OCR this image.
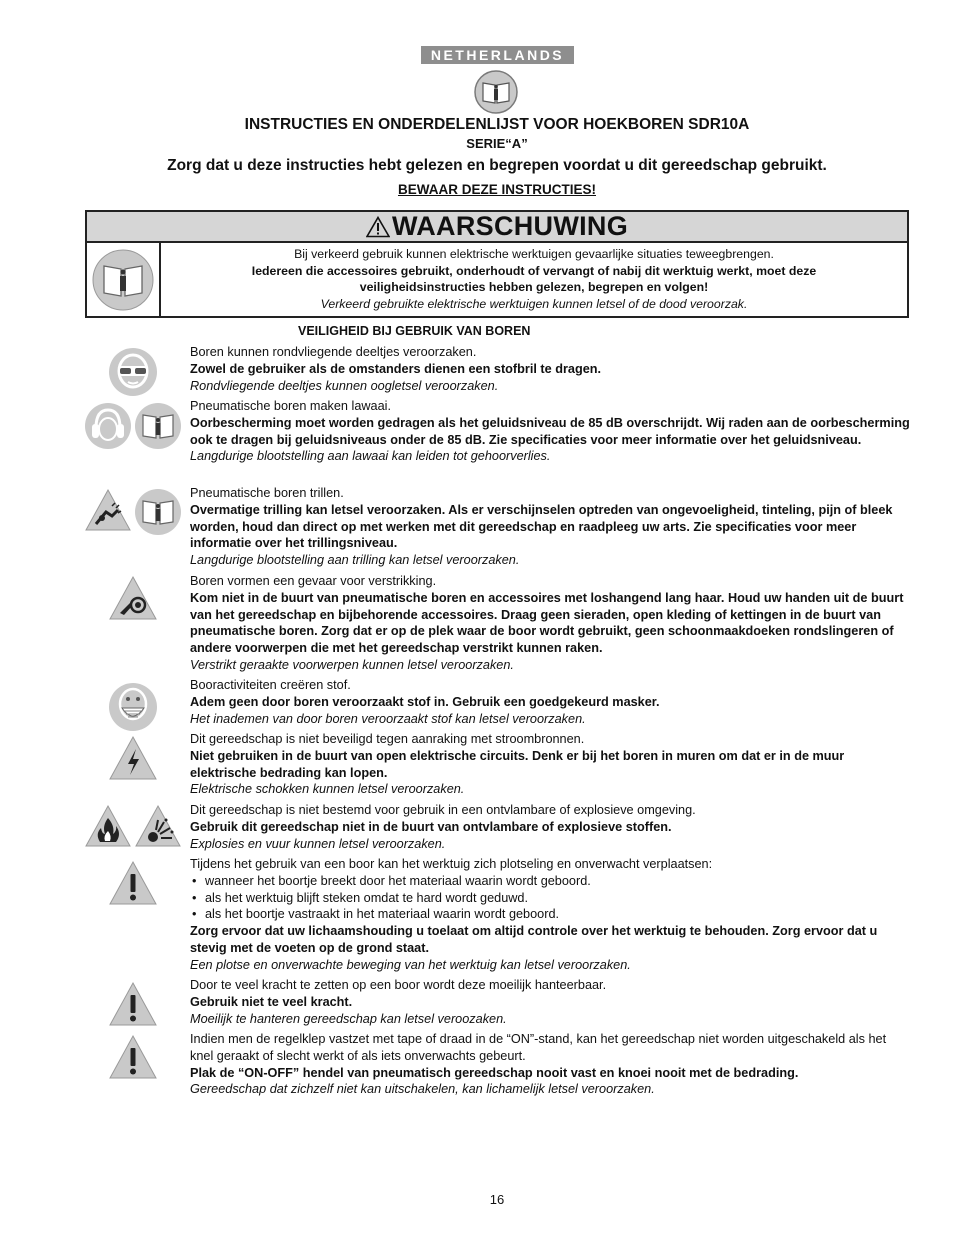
NETHERLANDS
INSTRUCTIES EN ONDERDELENLIJST VOOR HOEKBOREN SDR10A
SERIE“A”
Zorg dat u deze instructies hebt gelezen en begrepen voordat u dit gereedschap gebruikt.
BEWAAR DEZE INSTRUCTIES!
WAARSCHUWING
Bij verkeerd gebruik kunnen elektrische werktuigen gevaarlijke situaties teweegbrengen.
Iedereen die accessoires gebruikt, onderhoudt of vervangt of nabij dit werktuig werkt, moet deze veiligheidsinstructies hebben gelezen, begrepen en volgen!
Verkeerd gebruikte elektrische werktuigen kunnen letsel of de dood veroorzak.
VEILIGHEID BIJ GEBRUIK VAN BOREN

Boren kunnen rondvliegende deeltjes veroorzaken.

Zowel de gebruiker als de omstanders dienen een stofbril te dragen.

Rondvliegende deeltjes kunnen oogletsel veroorzaken.

Pneumatische boren maken lawaai.

Oorbescherming moet worden gedragen als het geluidsniveau de 85 dB overschrijdt. Wij raden aan de oorbescherming ook te dragen bij geluidsniveaus onder de 85 dB. Zie specificaties voor meer informatie over het geluidsniveau.

Langdurige blootstelling aan lawaai kan leiden tot gehoorverlies.

Pneumatische boren trillen.

Overmatige trilling kan letsel veroorzaken. Als er verschijnselen optreden van ongevoeligheid, tinteling, pijn of bleek worden, houd dan direct op met werken met dit gereedschap en raadpleeg uw arts. Zie specificaties voor meer informatie over het trillingsniveau.

Langdurige blootstelling aan trilling kan letsel veroorzaken.

Boren vormen een gevaar voor verstrikking.

Kom niet in de buurt van pneumatische boren en accessoires met loshangend lang haar. Houd uw handen uit de buurt van het gereedschap en bijbehorende accessoires. Draag geen sieraden, open kleding of kettingen in de buurt van pneumatische boren. Zorg dat er op de plek waar de boor wordt gebruikt, geen schoonmaakdoeken rondslingeren of andere voorwerpen die met het gereedschap verstrikt kunnen raken.

Verstrikt geraakte voorwerpen kunnen letsel veroorzaken.

Booractiviteiten creëren stof.

Adem geen door boren veroorzaakt stof in. Gebruik een goedgekeurd masker.

Het inademen van door boren veroorzaakt stof kan letsel veroorzaken.

Dit gereedschap is niet beveiligd tegen aanraking met stroombronnen.

Niet gebruiken in de buurt van open elektrische circuits. Denk er bij het boren in muren om dat er in de muur elektrische bedrading kan lopen.

Elektrische schokken kunnen letsel veroorzaken.

Dit gereedschap is niet bestemd voor gebruik in een ontvlambare of explosieve omgeving.

Gebruik dit gereedschap niet in de buurt van ontvlambare of explosieve stoffen.

Explosies en vuur kunnen letsel veroorzaken.

Tijdens het gebruik van een boor kan het werktuig zich plotseling en onverwacht verplaatsen:

• wanneer het boortje breekt door het materiaal waarin wordt geboord.
• als het werktuig blijft steken omdat te hard wordt geduwd.
• als het boortje vastraakt in het materiaal waarin wordt geboord.

Zorg ervoor dat uw lichaamshouding u toelaat om altijd controle over het werktuig te behouden. Zorg ervoor dat u stevig met de voeten op de grond staat.

Een plotse en onverwachte beweging van het werktuig kan letsel veroorzaken.

Door te veel kracht te zetten op een boor wordt deze moeilijk hanteerbaar.

Gebruik niet te veel kracht.

Moeilijk te hanteren gereedschap kan letsel veroozaken.

Indien men de regelklep vastzet met tape of draad in de “ON”-stand, kan het gereedschap niet worden uitgeschakeld als het knel geraakt of slecht werkt of als iets onverwachts gebeurt.

Plak de “ON-OFF” hendel van pneumatisch gereedschap nooit vast en knoei nooit met de bedrading.

Gereedschap dat zichzelf niet kan uitschakelen, kan lichamelijk letsel veroorzaken.

16
